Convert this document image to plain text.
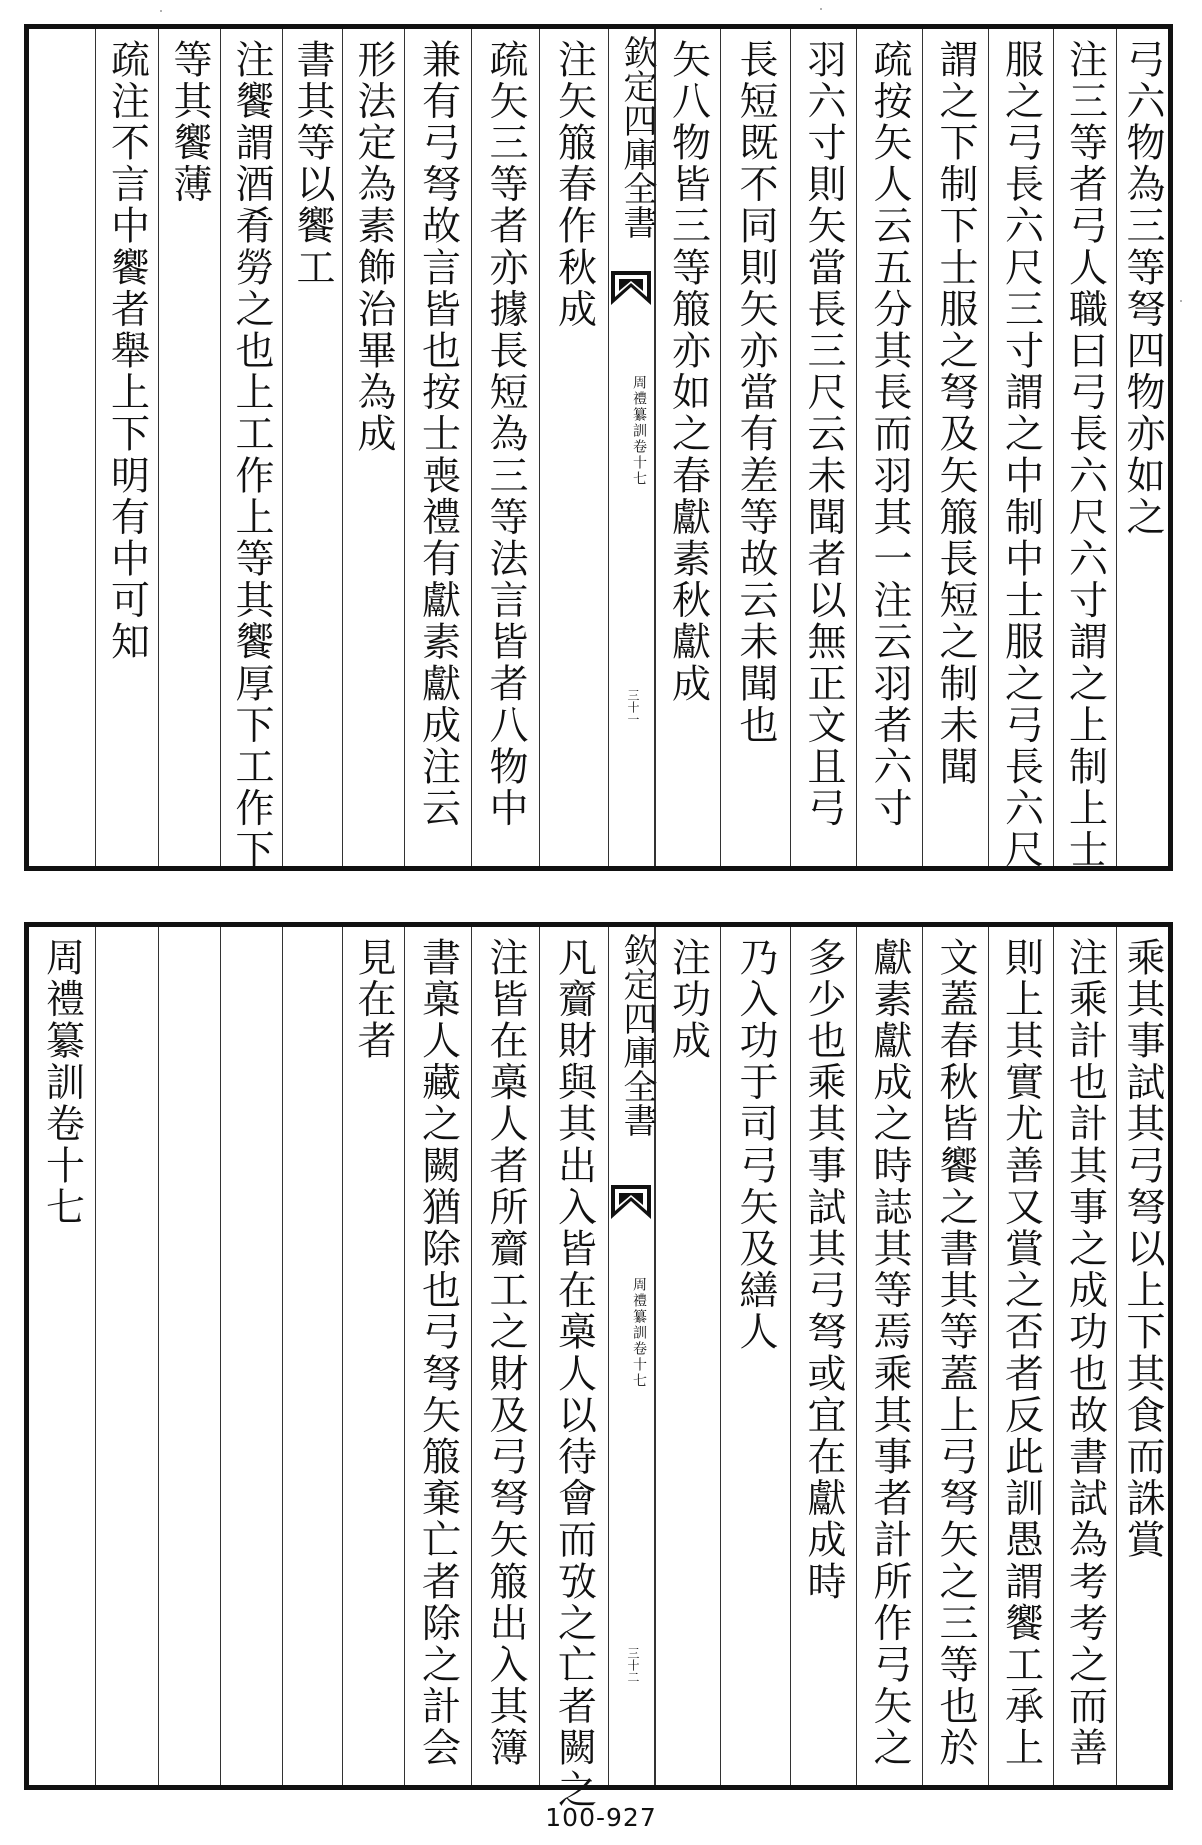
疏注不言中饗者舉上下明有中可知 等其饗薄 注饗謂酒肴勞之也上工作上等其饗厚下工作下 書其等以饗工 形法定為素飾治畢為成 兼有弓弩故言皆也按士喪禮有獻素獻成注云 疏矢三等者亦據長短為三等法言皆者八物中 注矢箙春作秋成 欽定四庫全書
周禮纂訓
卷十七
三十一
矢八物皆三等箙亦如之春獻素秋獻成 長短既不同則矢亦當有差等故云未聞也 羽六寸則矢當長三尺云未聞者以無正文且弓 疏按矢人云五分其長而羽其一注云羽者六寸 謂之下制下士服之弩及矢箙長短之制未聞 服之弓長六尺三寸謂之中制中士服之弓長六尺 注三等者弓人職曰弓長六尺六寸謂之上制上士 弓六物為三等弩四物亦如之
周禮纂訓卷十七	見在者 書槀人藏之闕猶除也弓弩矢箙棄亡者除之計会 注皆在槀人者所齎工之財及弓弩矢箙出入其簿 凡齎財與其出入皆在槀人以待會而攷之亡者闕之 欽定四庫全書
周禮纂訓
卷十七
三十二
注功成 乃入功于司弓矢及繕人 多少也乘其事試其弓弩或宜在獻成時 獻素獻成之時誌其等焉乘其事者計所作弓矢之 文蓋春秋皆饗之書其等蓋上弓弩矢之三等也於 則上其實尤善又賞之否者反此訓愚謂饗工承上 注乘計也計其事之成功也故書試為考考之而善 乘其事試其弓弩以上下其食而誅賞
100-927
